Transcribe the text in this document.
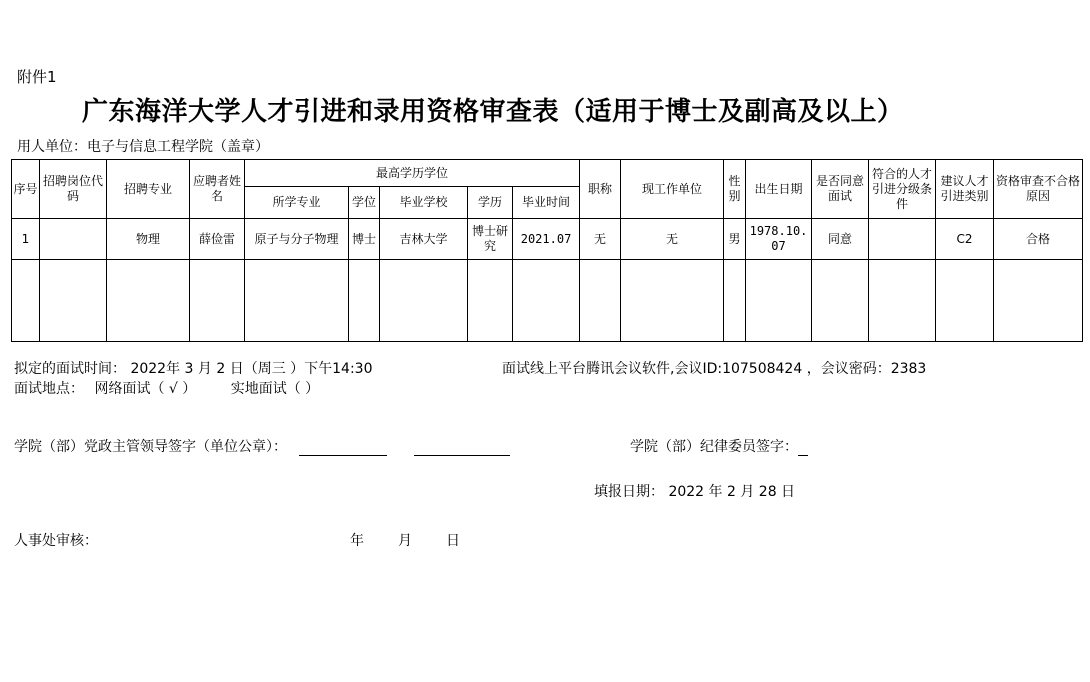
附件1
广东海洋大学人才引进和录用资格审查表（适用于博士及副高及以上）
用人单位：电子与信息工程学院（盖章）
序号	招聘岗位代码	招聘专业	应聘者姓名	最高学历学位					职称	现工作单位	性别	出生日期	是否同意面试	符合的人才引进分级条件	建议人才引进类别	资格审查不合格原因
				所学专业	学位	毕业学校	学历	毕业时间								
1		物理	薛俭雷	原子与分子物理	博士	吉林大学	博士研究	2021.07	无	无	男	1978.10.07	同意		C2	合格

拟定的面试时间： 2022年 3 月 2 日（周三 ）下午14:30	面试线上平台腾讯会议软件,会议ID:107508424 ，会议密码：2383
面试地点： 网络面试（ √ ） 实地面试（ ）
学院（部）党政主管领导签字（单位公章）：	学院（部）纪律委员签字：
填报日期： 2022 年 2 月 28 日
人事处审核：	年 月 日
